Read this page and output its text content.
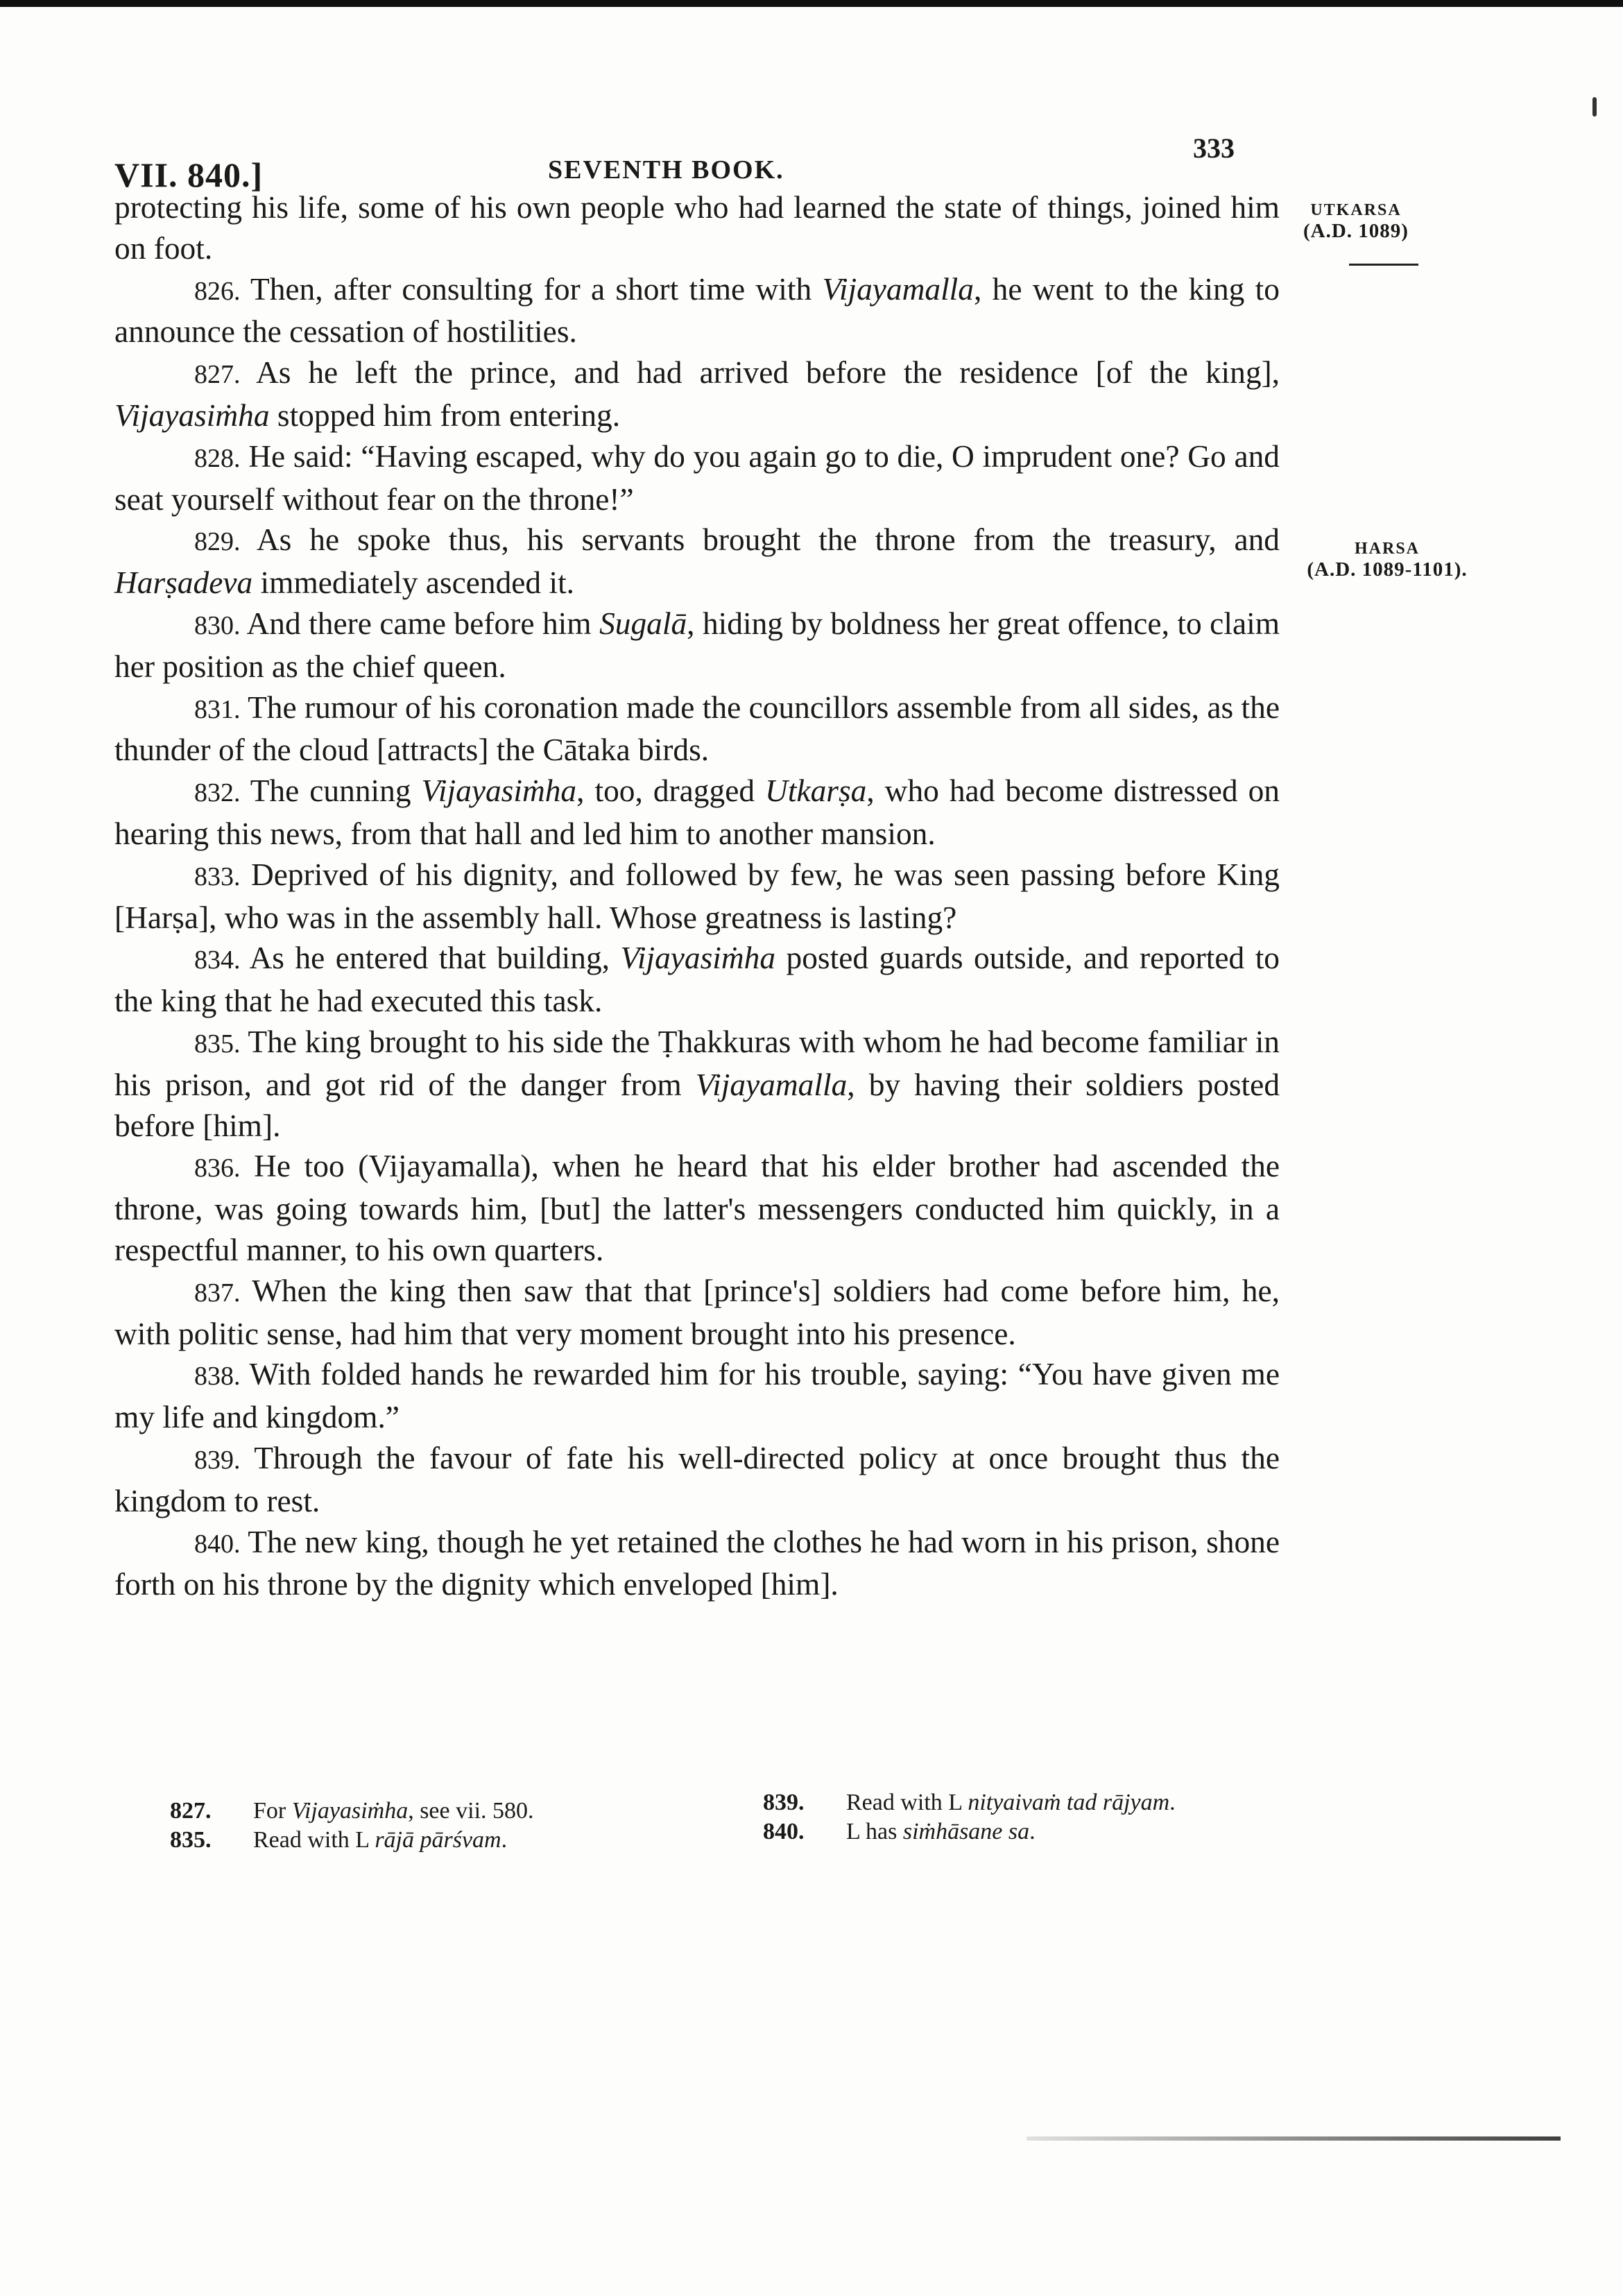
VII. 840.]	SEVENTH BOOK.
333
UTKARSA
(A.D. 1089)
HARSA
(A.D. 1089-1101).

protecting his life, some of his own people who had learned the state of things, joined him on foot.

826. Then, after consulting for a short time with Vijayamalla, he went to the king to announce the cessation of hostilities.

827. As he left the prince, and had arrived before the residence [of the king], Vijayasiṁha stopped him from entering.

828. He said: “Having escaped, why do you again go to die, O imprudent one? Go and seat yourself without fear on the throne!”

829. As he spoke thus, his servants brought the throne from the treasury, and Harṣadeva immediately ascended it.

830. And there came before him Sugalā, hiding by boldness her great offence, to claim her position as the chief queen.

831. The rumour of his coronation made the councillors assemble from all sides, as the thunder of the cloud [attracts] the Cātaka birds.

832. The cunning Vijayasiṁha, too, dragged Utkarṣa, who had become distressed on hearing this news, from that hall and led him to another mansion.

833. Deprived of his dignity, and followed by few, he was seen passing before King [Harṣa], who was in the assembly hall. Whose greatness is lasting?

834. As he entered that building, Vijayasiṁha posted guards outside, and reported to the king that he had executed this task.

835. The king brought to his side the Ṭhakkuras with whom he had become familiar in his prison, and got rid of the danger from Vijayamalla, by having their soldiers posted before [him].

836. He too (Vijayamalla), when he heard that his elder brother had ascended the throne, was going towards him, [but] the latter's messengers conducted him quickly, in a respectful manner, to his own quarters.

837. When the king then saw that that [prince's] soldiers had come before him, he, with politic sense, had him that very moment brought into his presence.

838. With folded hands he rewarded him for his trouble, saying: “You have given me my life and kingdom.”

839. Through the favour of fate his well-directed policy at once brought thus the kingdom to rest.

840. The new king, though he yet retained the clothes he had worn in his prison, shone forth on his throne by the dignity which enveloped [him].

827. For Vijayasiṁha, see vii. 580.
835. Read with L rājā pārśvam.
839. Read with L nityaivaṁ tad rājyam.
840. L has siṁhāsane sa.
